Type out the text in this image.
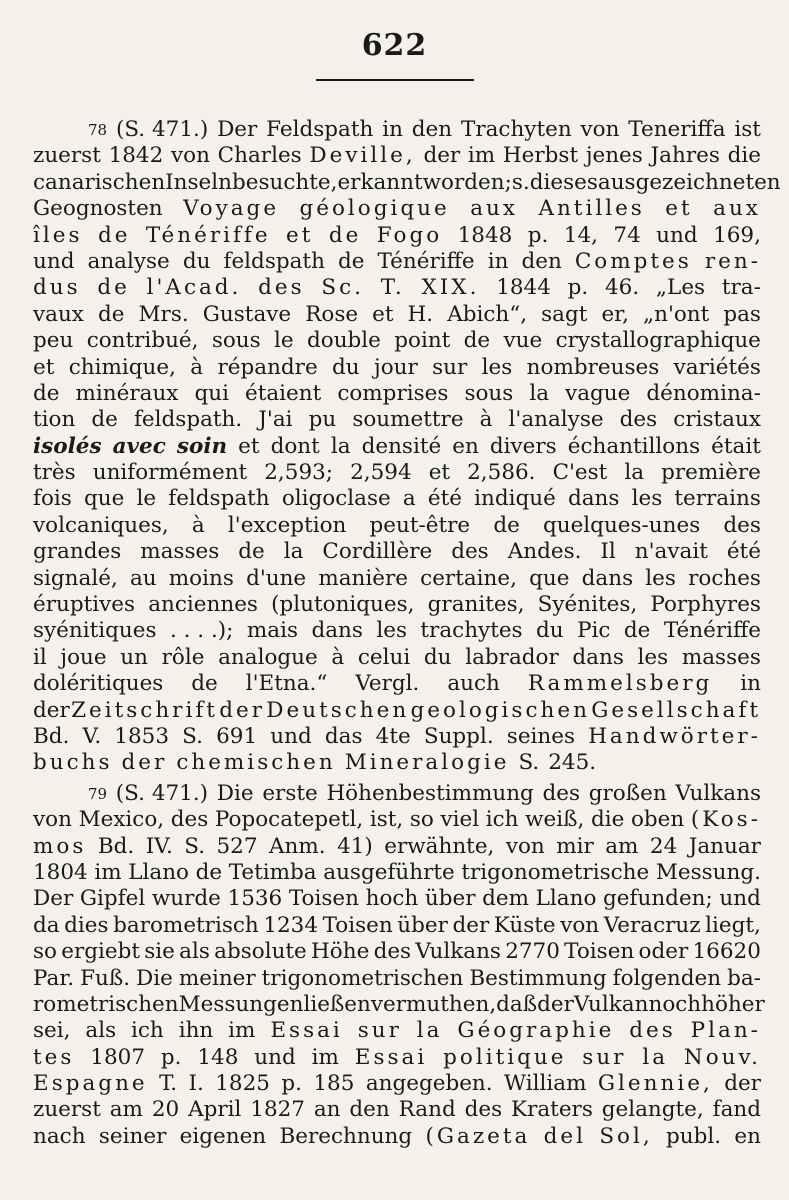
622
78 (S. 471.) Der Feldspath in den Trachyten von Teneriffa ist
zuerst 1842 von Charles Deville, der im Herbst jenes Jahres die
canarischen Inseln besuchte, erkannt worden; s. dieses ausgezeichneten
Geognosten Voyage géologique aux Antilles et aux
îles de Ténériffe et de Fogo 1848 p. 14, 74 und 169,
und analyse du feldspath de Ténériffe in den Comptes ren-
dus de l'Acad. des Sc. T. XIX. 1844 p. 46. „Les tra-
vaux de Mrs. Gustave Rose et H. Abich“, sagt er, „n'ont pas
peu contribué, sous le double point de vue crystallographique
et chimique, à répandre du jour sur les nombreuses variétés
de minéraux qui étaient comprises sous la vague dénomina-
tion de feldspath. J'ai pu soumettre à l'analyse des cristaux
isolés avec soin et dont la densité en divers échantillons était
très uniformément 2,593; 2,594 et 2,586. C'est la première
fois que le feldspath oligoclase a été indiqué dans les terrains
volcaniques, à l'exception peut-être de quelques-unes des
grandes masses de la Cordillère des Andes. Il n'avait été
signalé, au moins d'une manière certaine, que dans les roches
éruptives anciennes (plutoniques, granites, Syénites, Porphyres
syénitiques . . . .); mais dans les trachytes du Pic de Ténériffe
il joue un rôle analogue à celui du labrador dans les masses
doléritiques de l'Etna.“ Vergl. auch Rammelsberg in
der Zeitschrift der Deutschen geologischen Gesellschaft
Bd. V. 1853 S. 691 und das 4te Suppl. seines Handwörter-
buchs der chemischen Mineralogie S. 245.
79 (S. 471.) Die erste Höhenbestimmung des großen Vulkans
von Mexico, des Popocatepetl, ist, so viel ich weiß, die oben (Kos-
mos Bd. IV. S. 527 Anm. 41) erwähnte, von mir am 24 Januar
1804 im Llano de Tetimba ausgeführte trigonometrische Messung.
Der Gipfel wurde 1536 Toisen hoch über dem Llano gefunden; und
da dies barometrisch 1234 Toisen über der Küste von Veracruz liegt,
so ergiebt sie als absolute Höhe des Vulkans 2770 Toisen oder 16620
Par. Fuß. Die meiner trigonometrischen Bestimmung folgenden ba-
rometrischen Messungen ließen vermuthen, daß der Vulkan noch höher
sei, als ich ihn im Essai sur la Géographie des Plan-
tes 1807 p. 148 und im Essai politique sur la Nouv.
Espagne T. I. 1825 p. 185 angegeben. William Glennie, der
zuerst am 20 April 1827 an den Rand des Kraters gelangte, fand
nach seiner eigenen Berechnung (Gazeta del Sol, publ. en
